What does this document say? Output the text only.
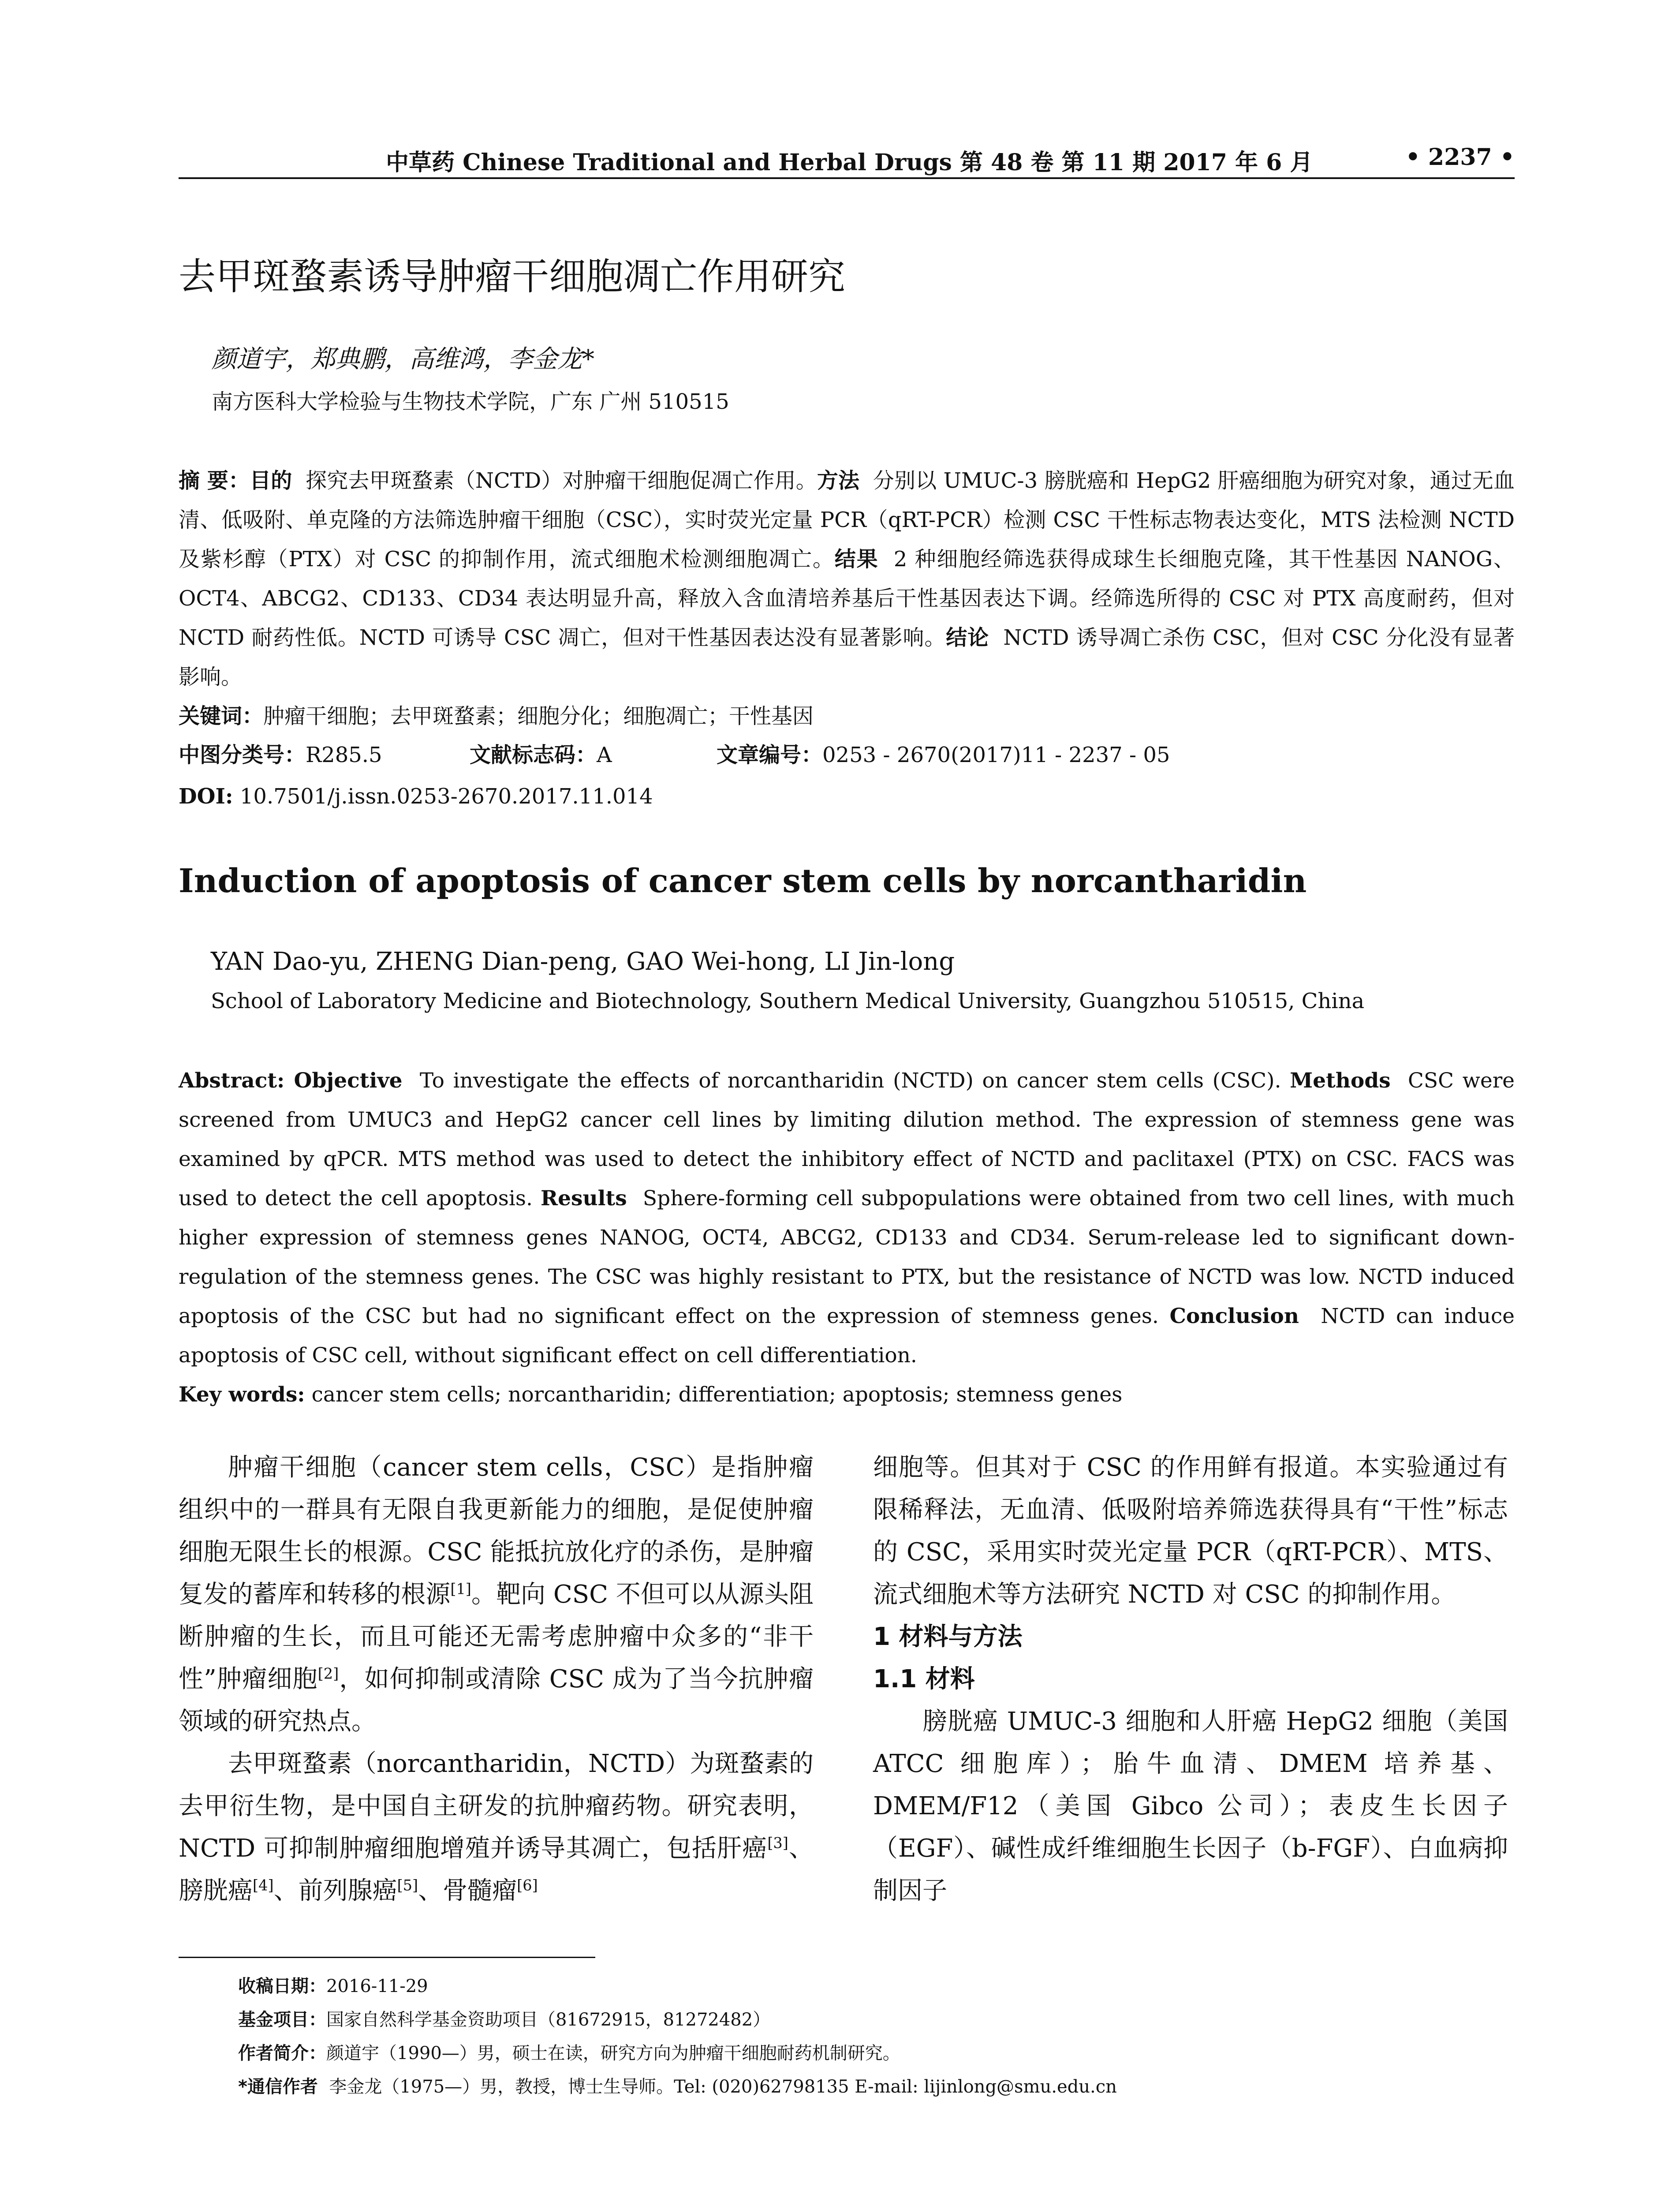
中草药 Chinese Traditional and Herbal Drugs 第 48 卷 第 11 期 2017 年 6 月	• 2237 •
去甲斑蝥素诱导肿瘤干细胞凋亡作用研究
颜道宇，郑典鹏，高维鸿，李金龙*
南方医科大学检验与生物技术学院，广东 广州 510515
摘 要：目的 探究去甲斑蝥素（NCTD）对肿瘤干细胞促凋亡作用。方法 分别以 UMUC-3 膀胱癌和 HepG2 肝癌细胞为研究对象，通过无血清、低吸附、单克隆的方法筛选肿瘤干细胞（CSC），实时荧光定量 PCR（qRT-PCR）检测 CSC 干性标志物表达变化，MTS 法检测 NCTD 及紫杉醇（PTX）对 CSC 的抑制作用，流式细胞术检测细胞凋亡。结果 2 种细胞经筛选获得成球生长细胞克隆，其干性基因 NANOG、OCT4、ABCG2、CD133、CD34 表达明显升高，释放入含血清培养基后干性基因表达下调。经筛选所得的 CSC 对 PTX 高度耐药，但对 NCTD 耐药性低。NCTD 可诱导 CSC 凋亡，但对干性基因表达没有显著影响。结论 NCTD 诱导凋亡杀伤 CSC，但对 CSC 分化没有显著影响。
关键词：肿瘤干细胞；去甲斑蝥素；细胞分化；细胞凋亡；干性基因
中图分类号： R285.5	文献标志码： A	文章编号： 0253 - 2670(2017)11 - 2237 - 05
DOI: 10.7501/j.issn.0253-2670.2017.11.014
Induction of apoptosis of cancer stem cells by norcantharidin
YAN Dao-yu, ZHENG Dian-peng, GAO Wei-hong, LI Jin-long
School of Laboratory Medicine and Biotechnology, Southern Medical University, Guangzhou 510515, China
Abstract: Objective To investigate the effects of norcantharidin (NCTD) on cancer stem cells (CSC). Methods CSC were screened from UMUC3 and HepG2 cancer cell lines by limiting dilution method. The expression of stemness gene was examined by qPCR. MTS method was used to detect the inhibitory effect of NCTD and paclitaxel (PTX) on CSC. FACS was used to detect the cell apoptosis. Results Sphere-forming cell subpopulations were obtained from two cell lines, with much higher expression of stemness genes NANOG, OCT4, ABCG2, CD133 and CD34. Serum-release led to significant down-regulation of the stemness genes. The CSC was highly resistant to PTX, but the resistance of NCTD was low. NCTD induced apoptosis of the CSC but had no significant effect on the expression of stemness genes. Conclusion NCTD can induce apoptosis of CSC cell, without significant effect on cell differentiation.
Key words: cancer stem cells; norcantharidin; differentiation; apoptosis; stemness genes

肿瘤干细胞（cancer stem cells，CSC）是指肿瘤组织中的一群具有无限自我更新能力的细胞，是促使肿瘤细胞无限生长的根源。CSC 能抵抗放化疗的杀伤，是肿瘤复发的蓄库和转移的根源[1]。靶向 CSC 不但可以从源头阻断肿瘤的生长，而且可能还无需考虑肿瘤中众多的“非干性”肿瘤细胞[2]，如何抑制或清除 CSC 成为了当今抗肿瘤领域的研究热点。

去甲斑蝥素（norcantharidin，NCTD）为斑蝥素的去甲衍生物，是中国自主研发的抗肿瘤药物。研究表明，NCTD 可抑制肿瘤细胞增殖并诱导其凋亡，包括肝癌[3]、膀胱癌[4]、前列腺癌[5]、骨髓瘤[6]

细胞等。但其对于 CSC 的作用鲜有报道。本实验通过有限稀释法，无血清、低吸附培养筛选获得具有“干性”标志的 CSC，采用实时荧光定量 PCR（qRT-PCR）、MTS、流式细胞术等方法研究 NCTD 对 CSC 的抑制作用。

1 材料与方法
1.1 材料

膀胱癌 UMUC-3 细胞和人肝癌 HepG2 细胞（美国 ATCC 细胞库）；胎牛血清、DMEM 培养基、DMEM/F12（美国 Gibco 公司）；表皮生长因子（EGF）、碱性成纤维细胞生长因子（b-FGF）、白血病抑制因子

收稿日期：2016-11-29
基金项目：国家自然科学基金资助项目（81672915，81272482）
作者简介：颜道宇（1990—）男，硕士在读，研究方向为肿瘤干细胞耐药机制研究。
*通信作者 李金龙（1975—）男，教授，博士生导师。Tel: (020)62798135 E-mail: lijinlong@smu.edu.cn
